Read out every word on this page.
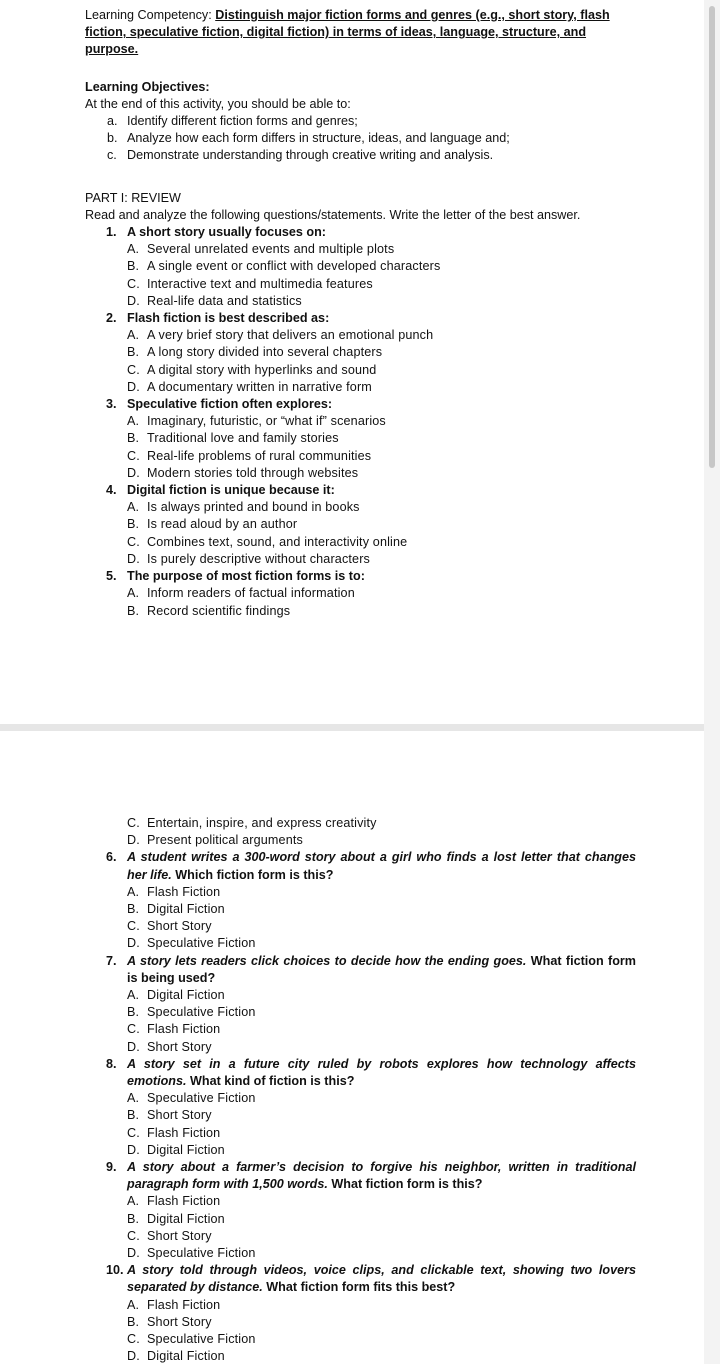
Learning Competency: Distinguish major fiction forms and genres (e.g., short story, flash fiction, speculative fiction, digital fiction) in terms of ideas, language, structure, and purpose.

Learning Objectives:

At the end of this activity, you should be able to:

a. Identify different fiction forms and genres;
b. Analyze how each form differs in structure, ideas, and language and;
c. Demonstrate understanding through creative writing and analysis.

PART I: REVIEW

Read and analyze the following questions/statements. Write the letter of the best answer.

1. A short story usually focuses on:

A. Several unrelated events and multiple plots
B. A single event or conflict with developed characters
C. Interactive text and multimedia features
D. Real-life data and statistics

2. Flash fiction is best described as:

A. A very brief story that delivers an emotional punch
B. A long story divided into several chapters
C. A digital story with hyperlinks and sound
D. A documentary written in narrative form

3. Speculative fiction often explores:

A. Imaginary, futuristic, or “what if” scenarios
B. Traditional love and family stories
C. Real-life problems of rural communities
D. Modern stories told through websites

4. Digital fiction is unique because it:

A. Is always printed and bound in books
B. Is read aloud by an author
C. Combines text, sound, and interactivity online
D. Is purely descriptive without characters

5. The purpose of most fiction forms is to:

A. Inform readers of factual information
B. Record scientific findings
C. Entertain, inspire, and express creativity
D. Present political arguments

6. A student writes a 300-word story about a girl who finds a lost letter that changes her life. Which fiction form is this?

A. Flash Fiction
B. Digital Fiction
C. Short Story
D. Speculative Fiction

7. A story lets readers click choices to decide how the ending goes. What fiction form is being used?

A. Digital Fiction
B. Speculative Fiction
C. Flash Fiction
D. Short Story

8. A story set in a future city ruled by robots explores how technology affects emotions. What kind of fiction is this?

A. Speculative Fiction
B. Short Story
C. Flash Fiction
D. Digital Fiction

9. A story about a farmer’s decision to forgive his neighbor, written in traditional paragraph form with 1,500 words. What fiction form is this?

A. Flash Fiction
B. Digital Fiction
C. Short Story
D. Speculative Fiction

10. A story told through videos, voice clips, and clickable text, showing two lovers separated by distance. What fiction form fits this best?

A. Flash Fiction
B. Short Story
C. Speculative Fiction
D. Digital Fiction
